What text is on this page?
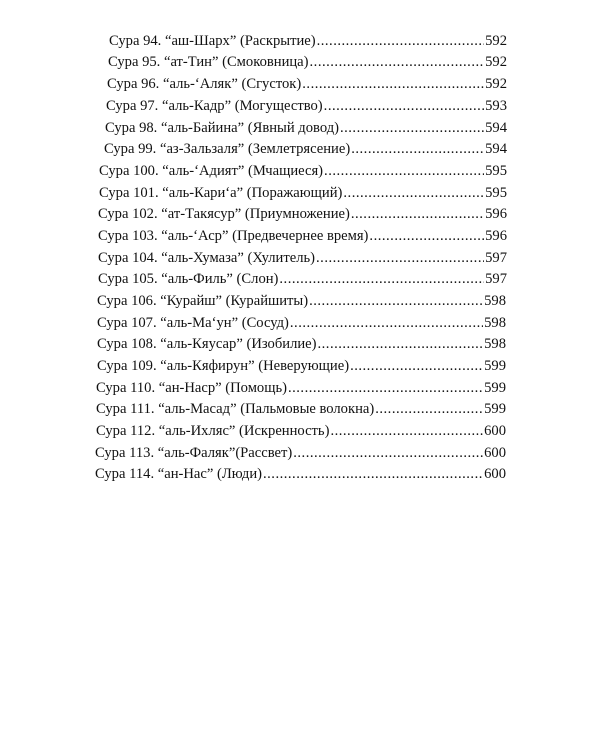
Сура 94. “аш-Шарх” (Раскрытие) .....	592
Сура 95. “ат-Тин” (Смоковница) .....	592
Сура 96. “аль-‘Аляк” (Сгусток) .....	592
Сура 97. “аль-Кадр” (Могущество) .....	593
Сура 98. “аль-Байина” (Явный довод) .....	594
Сура 99. “аз-Зальзаля” (Землетрясение) .....	594
Сура 100. “аль-‘Адият” (Мчащиеся) .....	595
Сура 101. “аль-Кари‘а” (Поражающий) .....	595
Сура 102. “ат-Такясур” (Приумножение) .....	596
Сура 103. “аль-‘Аср” (Предвечернее время) .....	596
Сура 104. “аль-Хумаза” (Хулитель) .....	597
Сура 105. “аль-Филь” (Слон) .....	597
Сура 106. “Курайш” (Курайшиты) .....	598
Сура 107. “аль-Ма‘ун” (Сосуд) .....	598
Сура 108. “аль-Кяусар” (Изобилие) .....	598
Сура 109. “аль-Кяфирун” (Неверующие) .....	599
Сура 110. “ан-Наср” (Помощь) .....	599
Сура 111. “аль-Масад” (Пальмовые волокна) .....	599
Сура 112. “аль-Ихляс” (Искренность) .....	600
Сура 113. “аль-Фаляк”(Рассвет) .....	600
Сура 114. “ан-Нас” (Люди) .....	600
